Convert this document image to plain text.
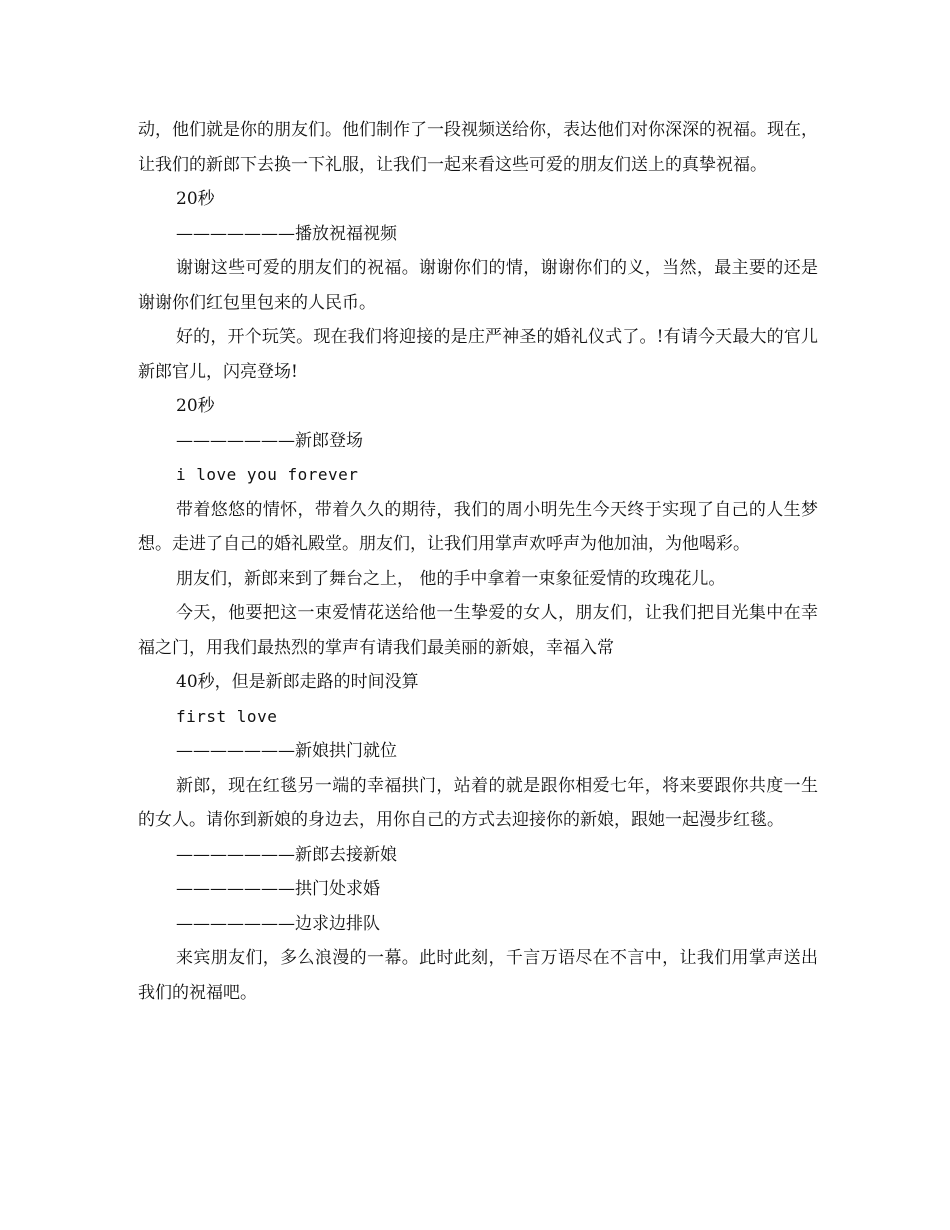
动，他们就是你的朋友们。他们制作了一段视频送给你，表达他们对你深深的祝福。现在，让我们的新郎下去换一下礼服，让我们一起来看这些可爱的朋友们送上的真挚祝福。

20秒

———————播放祝福视频

谢谢这些可爱的朋友们的祝福。谢谢你们的情，谢谢你们的义，当然，最主要的还是谢谢你们红包里包来的人民币。

好的，开个玩笑。现在我们将迎接的是庄严神圣的婚礼仪式了。!有请今天最大的官儿新郎官儿，闪亮登场!

20秒

———————新郎登场

i love you forever

带着悠悠的情怀，带着久久的期待，我们的周小明先生今天终于实现了自己的人生梦想。走进了自己的婚礼殿堂。朋友们，让我们用掌声欢呼声为他加油，为他喝彩。

朋友们，新郎来到了舞台之上， 他的手中拿着一束象征爱情的玫瑰花儿。

今天，他要把这一束爱情花送给他一生挚爱的女人，朋友们，让我们把目光集中在幸福之门，用我们最热烈的掌声有请我们最美丽的新娘，幸福入常

40秒，但是新郎走路的时间没算

first love

———————新娘拱门就位

新郎，现在红毯另一端的幸福拱门，站着的就是跟你相爱七年，将来要跟你共度一生的女人。请你到新娘的身边去，用你自己的方式去迎接你的新娘，跟她一起漫步红毯。

———————新郎去接新娘

———————拱门处求婚

———————边求边排队

来宾朋友们，多么浪漫的一幕。此时此刻，千言万语尽在不言中，让我们用掌声送出我们的祝福吧。
